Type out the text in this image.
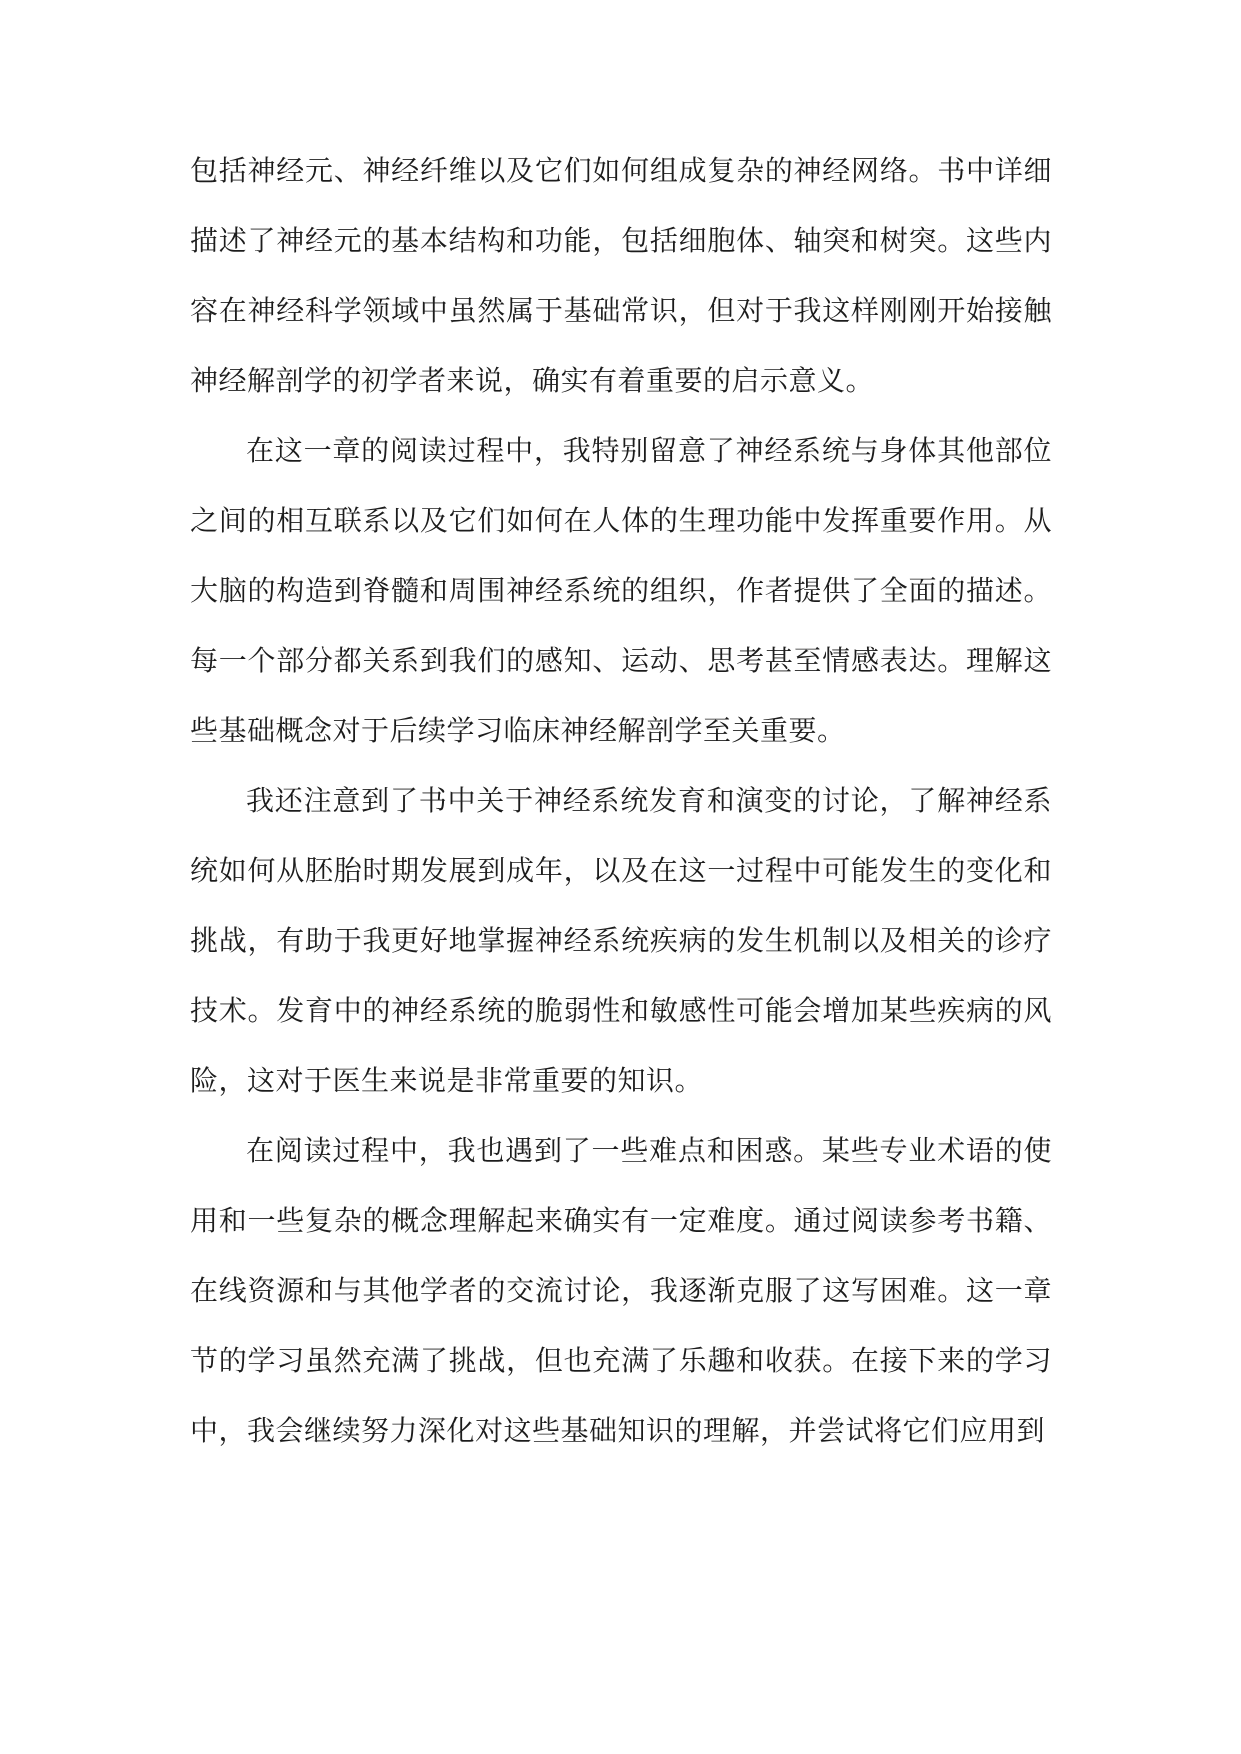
包括神经元、神经纤维以及它们如何组成复杂的神经网络。书中详细描述了神经元的基本结构和功能，包括细胞体、轴突和树突。这些内容在神经科学领域中虽然属于基础常识，但对于我这样刚刚开始接触神经解剖学的初学者来说，确实有着重要的启示意义。

在这一章的阅读过程中，我特别留意了神经系统与身体其他部位之间的相互联系以及它们如何在人体的生理功能中发挥重要作用。从大脑的构造到脊髓和周围神经系统的组织，作者提供了全面的描述。每一个部分都关系到我们的感知、运动、思考甚至情感表达。理解这些基础概念对于后续学习临床神经解剖学至关重要。

我还注意到了书中关于神经系统发育和演变的讨论，了解神经系统如何从胚胎时期发展到成年，以及在这一过程中可能发生的变化和挑战，有助于我更好地掌握神经系统疾病的发生机制以及相关的诊疗技术。发育中的神经系统的脆弱性和敏感性可能会增加某些疾病的风险，这对于医生来说是非常重要的知识。

在阅读过程中，我也遇到了一些难点和困惑。某些专业术语的使用和一些复杂的概念理解起来确实有一定难度。通过阅读参考书籍、在线资源和与其他学者的交流讨论，我逐渐克服了这写困难。这一章节的学习虽然充满了挑战，但也充满了乐趣和收获。在接下来的学习中，我会继续努力深化对这些基础知识的理解，并尝试将它们应用到
